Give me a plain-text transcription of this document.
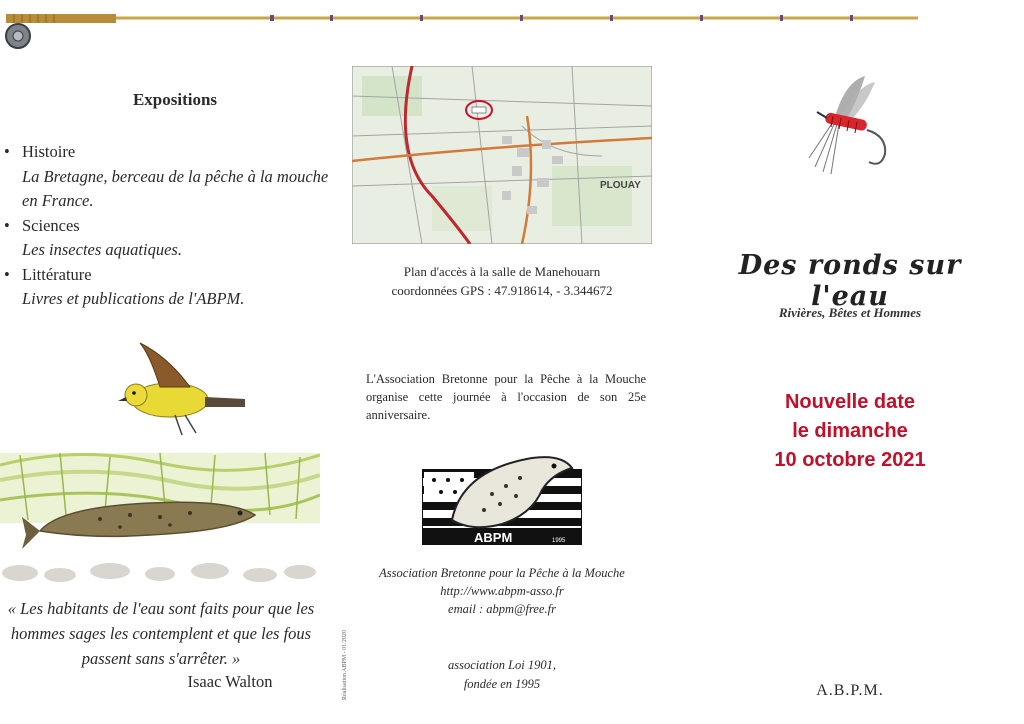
Expositions
• Histoire
La Bretagne, berceau de la pêche à la mouche en France.
• Sciences
Les insectes aquatiques.
• Littérature
Livres et publications de l'ABPM.
« Les habitants de l'eau sont faits pour que les hommes sages les contemplent et que les fous passent sans s'arrêter. »
Isaac Walton
PLOUAY
Plan d'accès à la salle de Manehouarn
coordonnées GPS : 47.918614, - 3.344672
L'Association Bretonne pour la Pêche à la Mouche organise cette journée à l'occasion de son 25e anniversaire.
ABPM	1995
Association Bretonne pour la Pêche à la Mouche
http://www.abpm-asso.fr
email : abpm@free.fr
Réalisation ABPM - 01/2020	association Loi 1901,
fondée en 1995
Des ronds sur l'eau
Rivières, Bêtes et Hommes
Nouvelle date
le dimanche
10 octobre 2021
A.B.P.M.
